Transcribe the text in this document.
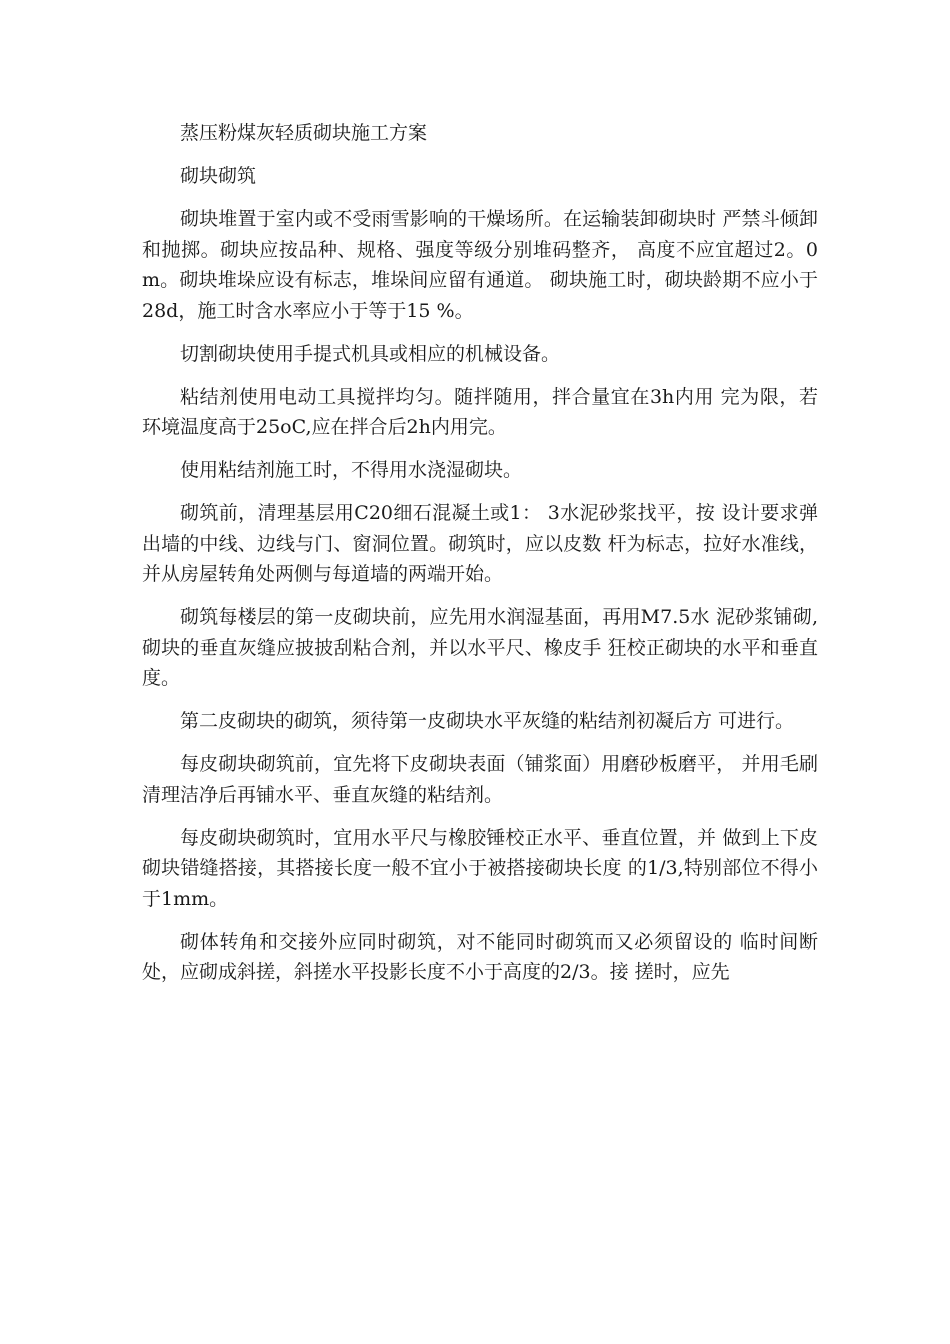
蒸压粉煤灰轻质砌块施工方案

砌块砌筑

砌块堆置于室内或不受雨雪影响的干燥场所。在运输装卸砌块时 严禁斗倾卸和抛掷。砌块应按品种、规格、强度等级分别堆码整齐， 高度不应宜超过2。0m。砌块堆垛应设有标志，堆垛间应留有通道。 砌块施工时，砌块龄期不应小于28d，施工时含水率应小于等于15 %。

切割砌块使用手提式机具或相应的机械设备。

粘结剂使用电动工具搅拌均匀。随拌随用，拌合量宜在3h内用 完为限，若环境温度高于25oC,应在拌合后2h内用完。

使用粘结剂施工时，不得用水浇湿砌块。

砌筑前，清理基层用C20细石混凝土或1： 3水泥砂浆找平，按 设计要求弹出墙的中线、边线与门、窗洞位置。砌筑时，应以皮数 杆为标志，拉好水准线，并从房屋转角处两侧与每道墙的两端开始。

砌筑每楼层的第一皮砌块前，应先用水润湿基面，再用M7.5水 泥砂浆铺砌,砌块的垂直灰缝应披披刮粘合剂，并以水平尺、橡皮手 狂校正砌块的水平和垂直度。

第二皮砌块的砌筑，须待第一皮砌块水平灰缝的粘结剂初凝后方 可进行。

每皮砌块砌筑前，宜先将下皮砌块表面（铺浆面）用磨砂板磨平， 并用毛刷清理洁净后再铺水平、垂直灰缝的粘结剂。

每皮砌块砌筑时，宜用水平尺与橡胶锤校正水平、垂直位置，并 做到上下皮砌块错缝搭接，其搭接长度一般不宜小于被搭接砌块长度 的1/3,特别部位不得小于1mm。

砌体转角和交接外应同时砌筑，对不能同时砌筑而又必须留设的 临时间断处，应砌成斜搓，斜搓水平投影长度不小于高度的2/3。接 搓时，应先
